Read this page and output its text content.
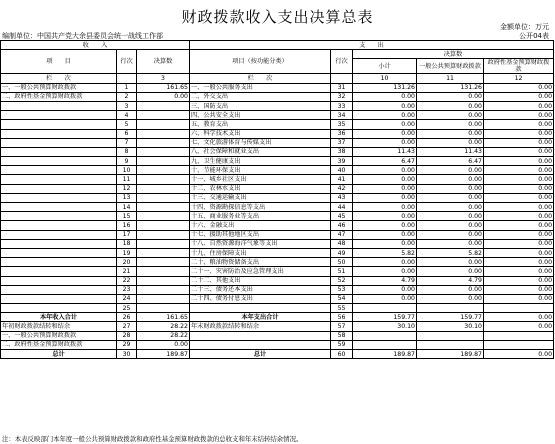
财政拨款收入支出决算总表
金额单位：万元
编制单位：中国共产党大余县委员会统一战线工作部	公开04表
收　　入			支　　出				
项　　目	行次	决算数	项目（按功能分类）	行次	决算数		
					小计	一般公共预算财政拨款	政府性基金预算财政拨款

栏　　次		3	栏　　次		10	11	12
一、一般公共预算财政拨款	1	161.65	一、一般公共服务支出	31	131.26	131.26	0.00
二、政府性基金预算财政拨款	2	0.00	二、外交支出	32	0.00	0.00	0.00
	3		三、国防支出	33	0.00	0.00	0.00
	4		四、公共安全支出	34	0.00	0.00	0.00
	5		五、教育支出	35	0.00	0.00	0.00
	6		六、科学技术支出	36	0.00	0.00	0.00
	7		七、文化旅游体育与传媒支出	37	0.00	0.00	0.00
	8		八、社会保障和就业支出	38	11.43	11.43	0.00
	9		九、卫生健康支出	39	6.47	6.47	0.00
	10		十、节能环保支出	40	0.00	0.00	0.00
	11		十一、城乡社区支出	41	0.00	0.00	0.00
	12		十二、农林水支出	42	0.00	0.00	0.00
	13		十三、交通运输支出	43	0.00	0.00	0.00
	14		十四、资源勘探信息等支出	44	0.00	0.00	0.00
	15		十五、商业服务业等支出	45	0.00	0.00	0.00
	16		十六、金融支出	46	0.00	0.00	0.00
	17		十七、援助其他地区支出	47	0.00	0.00	0.00
	18		十八、自然资源海洋气象等支出	48	0.00	0.00	0.00
	19		十九、住房保障支出	49	5.82	5.82	0.00
	20		二十、粮油物资储备支出	50	0.00	0.00	0.00
	21		二十一、灾害防治及应急管理支出	51	0.00	0.00	0.00
	22		二十二、其他支出	52	4.79	4.79	0.00
	23		二十三、债务还本支出	53	0.00	0.00	0.00
	24		二十四、债务付息支出	54	0.00	0.00	0.00
	25			55			
本年收入合计	26	161.65	本年支出合计	56	159.77	159.77	0.00
年初财政拨款结转和结余	27	28.22	年末财政拨款结转和结余	57	30.10	30.10	0.00
一、一般公共预算财政拨款	28	28.22		58			
二、政府性基金预算财政拨款	29	0.00		59			
总计	30	189.87	总计	60	189.87	189.87	0.00
注：本表反映部门本年度一般公共预算财政拨款和政府性基金预算财政拨款的总收支和年末结转结余情况。
